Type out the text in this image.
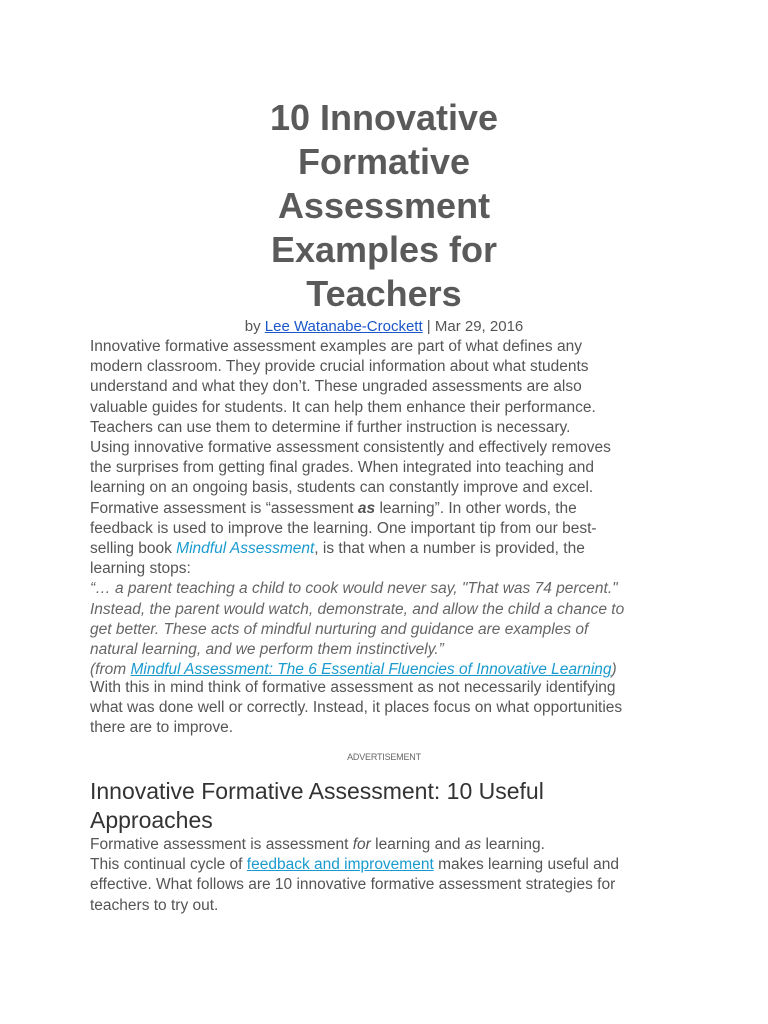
10 Innovative
Formative
Assessment
Examples for
Teachers
by Lee Watanabe-Crockett | Mar 29, 2016
Innovative formative assessment examples are part of what defines any
modern classroom. They provide crucial information about what students
understand and what they don’t. These ungraded assessments are also
valuable guides for students. It can help them enhance their performance.
Teachers can use them to determine if further instruction is necessary.
Using innovative formative assessment consistently and effectively removes
the surprises from getting final grades. When integrated into teaching and
learning on an ongoing basis, students can constantly improve and excel.
Formative assessment is “assessment as learning”. In other words, the
feedback is used to improve the learning. One important tip from our best-
selling book Mindful Assessment, is that when a number is provided, the
learning stops:
“… a parent teaching a child to cook would never say, "That was 74 percent."
Instead, the parent would watch, demonstrate, and allow the child a chance to
get better. These acts of mindful nurturing and guidance are examples of
natural learning, and we perform them instinctively.”
(from Mindful Assessment: The 6 Essential Fluencies of Innovative Learning)
With this in mind think of formative assessment as not necessarily identifying
what was done well or correctly. Instead, it places focus on what opportunities
there are to improve.
ADVERTISEMENT
Innovative Formative Assessment: 10 Useful
Approaches
Formative assessment is assessment for learning and as learning.
This continual cycle of feedback and improvement makes learning useful and
effective. What follows are 10 innovative formative assessment strategies for
teachers to try out.
